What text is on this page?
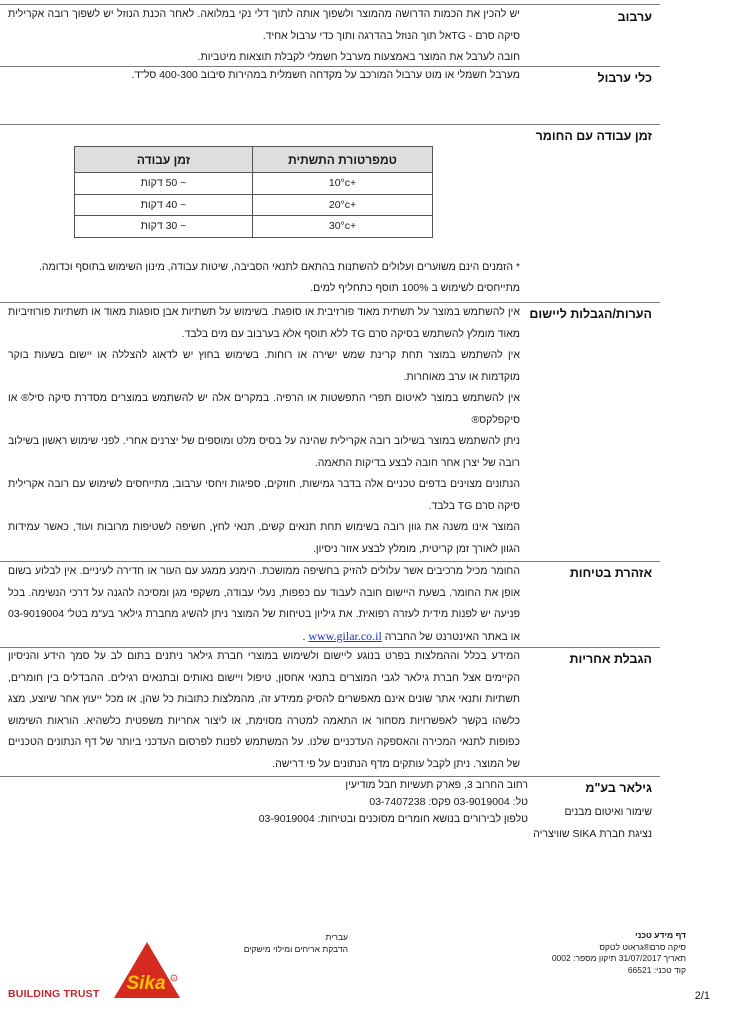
ערבוב

יש להכין את הכמות הדרושה מהמוצר ולשפוך אותה לתוך דלי נקי במלואה. לאחר הכנת הנוזל יש לשפוך רובה אקרילית סיקה סרם - TGאל תוך הנוזל בהדרגה ותוך כדי ערבול אחיד.

חובה לערבל את המוצר באמצעות מערבל חשמלי לקבלת תוצאות מיטביות.

כלי ערבול

מערבל חשמלי או מוט ערבול המורכב על מקדחה חשמלית במהירות סיבוב 400-300 סל"ד.

זמן עבודה עם החומר
טמפרטורת התשתית	זמן עבודה
+10°c	~ 50 דקות
+20°c	~ 40 דקות
+30°c	~ 30 דקות

* הזמנים הינם משוערים ועלולים להשתנות בהתאם לתנאי הסביבה, שיטות עבודה, מינון השימוש בתוסף וכדומה.

מתייחסים לשימוש ב 100% תוסף כתחליף למים.

הערות/הגבלות ליישום

אין להשתמש במוצר על תשתית מאוד פורזיבית או סופגת. בשימוש על תשתיות אבן סופגות מאוד או תשתיות פורוזיביות מאוד מומלץ להשתמש בסיקה סרם TG ללא תוסף אלא בערבוב עם מים בלבד.

אין להשתמש במוצר תחת קרינת שמש ישירה או רוחות. בשימוש בחוץ יש לדאוג להצללה או יישום בשעות בוקר מוקדמות או ערב מאוחרות.

אין להשתמש במוצר לאיטום תפרי התפשטות או הרפיה. במקרים אלה יש להשתמש במוצרים מסדרת סיקה סיל® או סיקפלקס®

ניתן להשתמש במוצר בשילוב רובה אקרילית שהינה על בסיס מלט ומוספים של יצרנים אחרי. לפני שימוש ראשון בשילוב רובה של יצרן אחר חובה לבצע בדיקות התאמה.

הנתונים מצוינים בדפים טכניים אלה בדבר גמישות, חוזקים, ספיגות ויחסי ערבוב, מתייחסים לשימוש עם רובה אקרילית סיקה סרם TG בלבד.

המוצר אינו משנה את גוון רובה בשימוש תחת תנאים קשים, תנאי לחץ, חשיפה לשטיפות מרובות ועוד, כאשר עמידות הגוון לאורך זמן קריטית, מומלץ לבצע אזור ניסיון.

אזהרת בטיחות

החומר מכיל מרכיבים אשר עלולים להזיק בחשיפה ממושכת. הימנע ממגע עם העור או חדירה לעיניים. אין לבלוע בשום אופן את החומר. בשעת היישום חובה לעבוד עם כפפות, נעלי עבודה, משקפי מגן ומסיכה להגנה על דרכי הנשימה. בכל פניעה יש לפנות מידית לעזרה רפואית. את גיליון בטיחות של המוצר ניתן להשיג מחברת גילאר בע"מ בטל' 03-9019004 או באתר האינטרנט של החברה www.gilar.co.il .

הגבלת אחריות

המידע בכלל וההמלצות בפרט בנוגע ליישום ולשימוש במוצרי חברת גילאר ניתנים בתום לב על סמך הידע והניסיון הקיימים אצל חברת גילאר לגבי המוצרים בתנאי אחסון, טיפול ויישום נאותים ובתנאים רגילים. ההבדלים בין חומרים, תשתיות ותנאי אתר שונים אינם מאפשרים להסיק ממידע זה, מהמלצות כתובות כל שהן, או מכל ייעוץ אחר שיוצע, מצג כלשהו בקשר לאפשרויות מסחור או התאמה למטרה מסוימת, או ליצור אחריות משפטית כלשהיא. הוראות השימוש כפופות לתנאי המכירה והאספקה העדכניים שלנו. על המשתמש לפנות לפרסום העדכני ביותר של דף הנתונים הטכניים של המוצר. ניתן לקבל עותקים מדף הנתונים על פי דרישה.

גילאר בע"מ
שימור ואיטום מבנים
נציגת חברת SIKA שוויצריה
רחוב החרוב 3, פארק תעשיות חבל מודיעין
טל: 03-9019004 פקס: 03-7407238
טלפון לבירורים בנושא חומרים מסוכנים ובטיחות: 03-9019004
דף מידע טכני
סיקה סרם®גראוט לטקס
תאריך 31/07/2017 תיקון מספר: 0002
קוד טכני: 66521
2/1
עברית
הדבקת אריחים ומילוי מישקים
BUILDING TRUST Sika R
